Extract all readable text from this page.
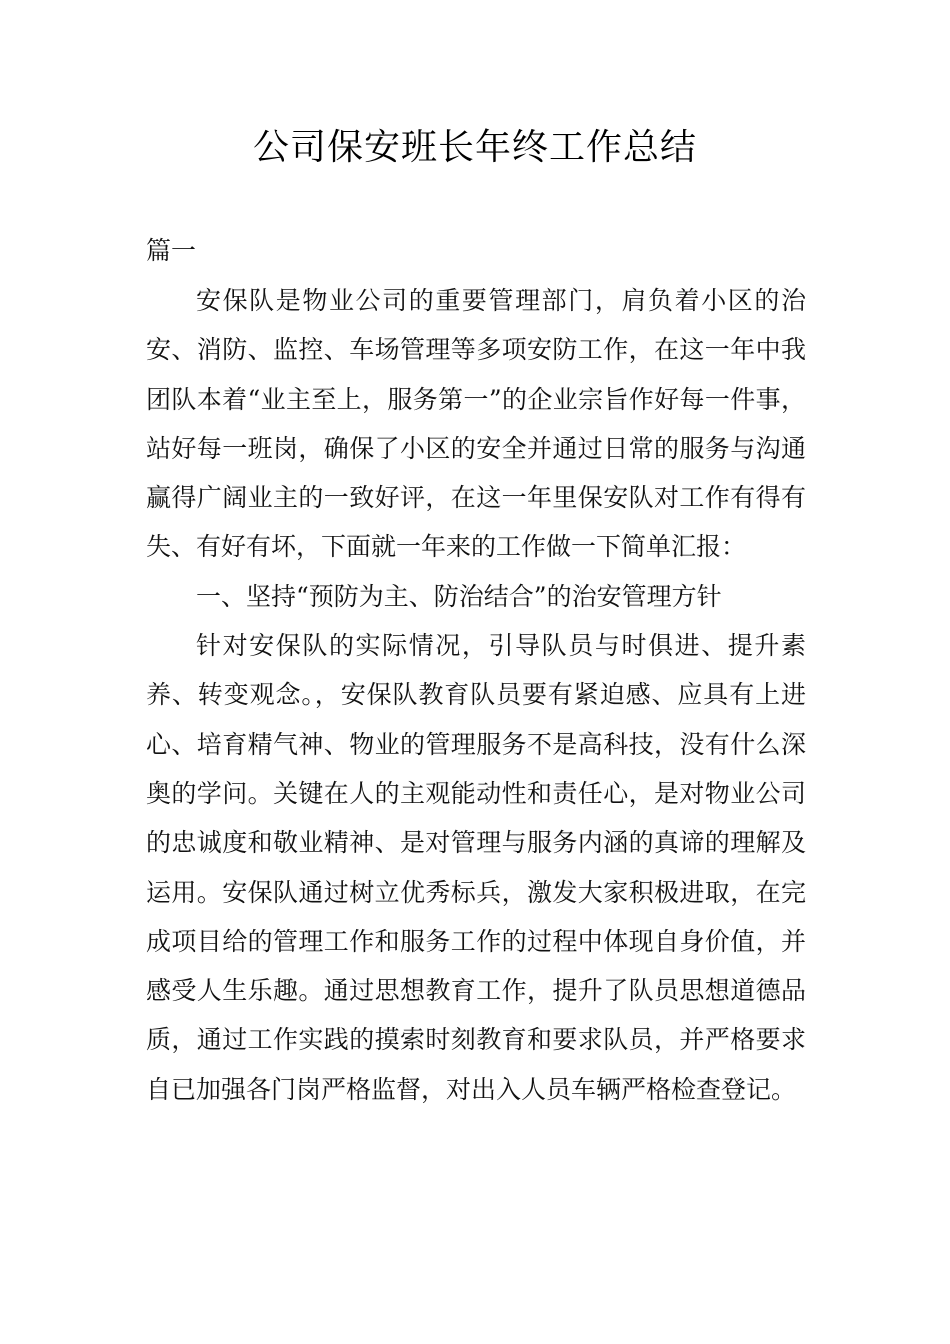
公司保安班长年终工作总结

篇一

安保队是物业公司的重要管理部门，肩负着小区的治安、消防、监控、车场管理等多项安防工作，在这一年中我团队本着“业主至上，服务第一”的企业宗旨作好每一件事，站好每一班岗，确保了小区的安全并通过日常的服务与沟通赢得广阔业主的一致好评，在这一年里保安队对工作有得有失、有好有坏，下面就一年来的工作做一下简单汇报：

一、坚持“预防为主、防治结合”的治安管理方针

针对安保队的实际情况，引导队员与时俱进、提升素养、转变观念。，安保队教育队员要有紧迫感、应具有上进心、培育精气神、物业的管理服务不是高科技，没有什么深奥的学问。关键在人的主观能动性和责任心，是对物业公司的忠诚度和敬业精神、是对管理与服务内涵的真谛的理解及运用。安保队通过树立优秀标兵，激发大家积极进取，在完成项目给的管理工作和服务工作的过程中体现自身价值，并感受人生乐趣。通过思想教育工作，提升了队员思想道德品质，通过工作实践的摸索时刻教育和要求队员，并严格要求自已加强各门岗严格监督，对出入人员车辆严格检查登记。
